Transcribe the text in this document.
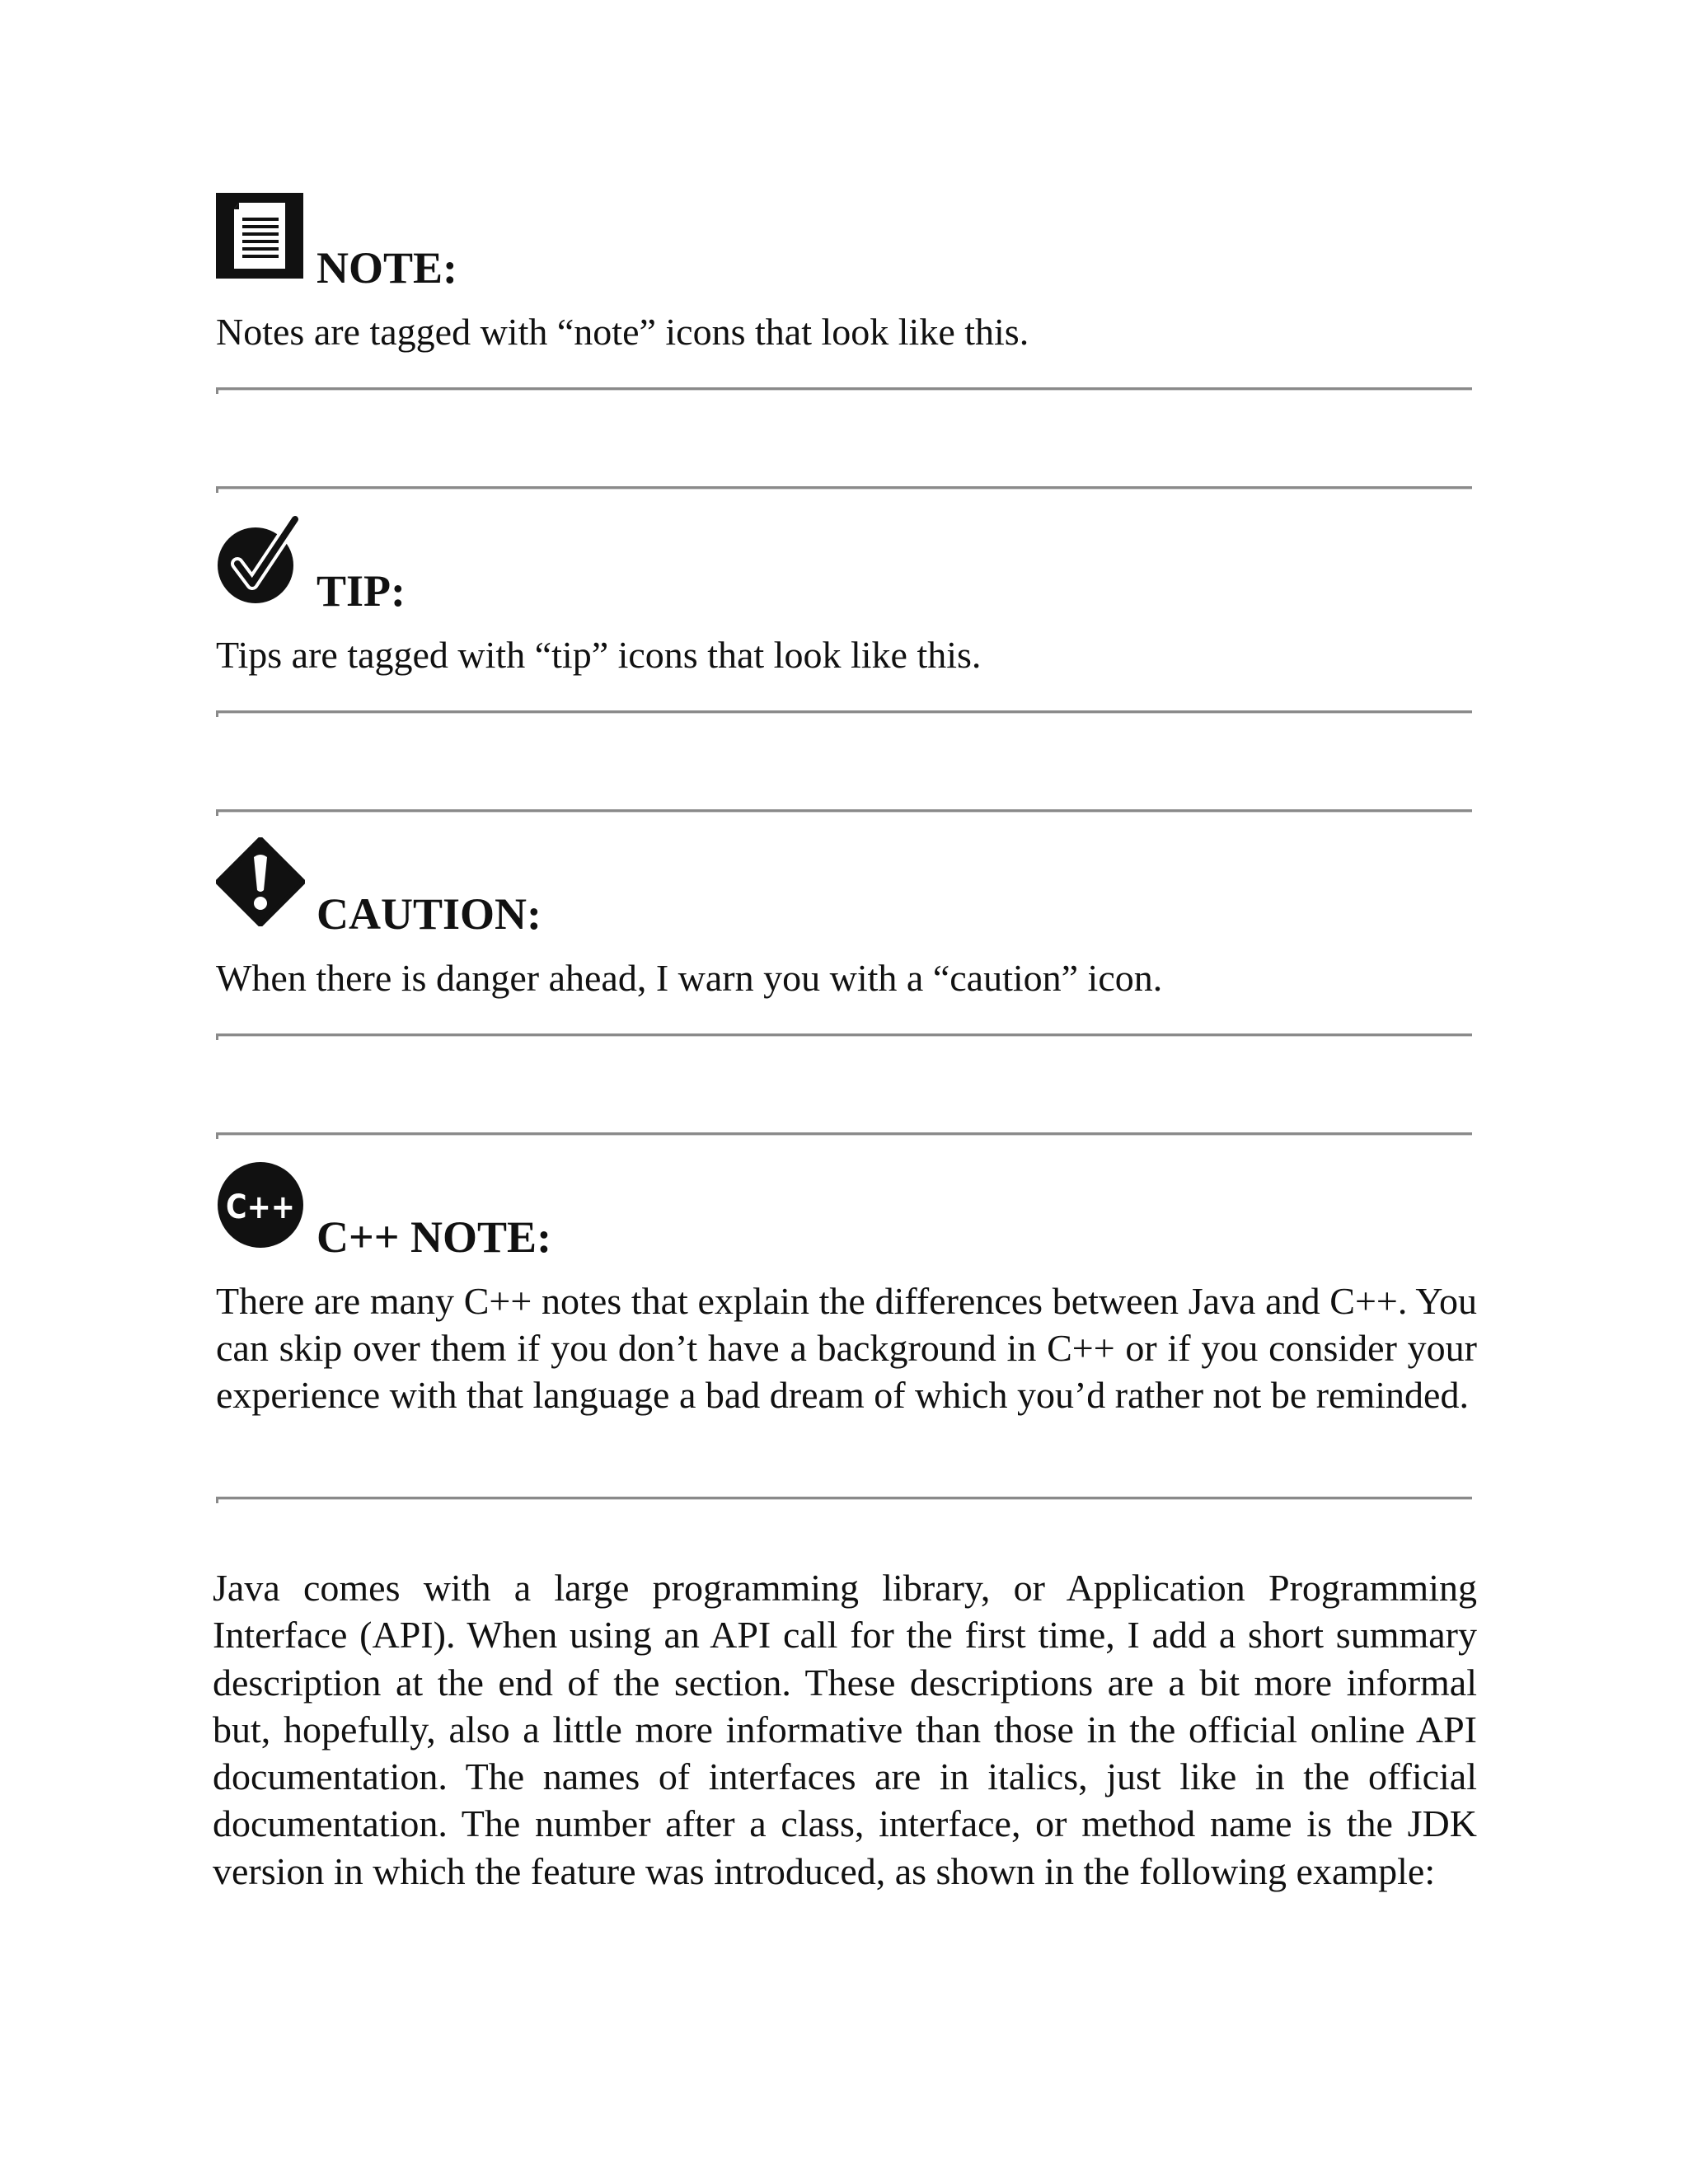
NOTE:
Notes are tagged with “note” icons that look like this.
TIP:
Tips are tagged with “tip” icons that look like this.
CAUTION:
When there is danger ahead, I warn you with a “caution” icon.
C++
C++ NOTE:
There are many C++ notes that explain the differences between Java and C++. You can skip over them if you don’t have a background in C++ or if you consider your experience with that language a bad dream of which you’d rather not be reminded.
Java comes with a large programming library, or Application Programming Interface (API). When using an API call for the first time, I add a short summary description at the end of the section. These descriptions are a bit more informal but, hopefully, also a little more informative than those in the official online API documentation. The names of interfaces are in italics, just like in the official documentation. The number after a class, interface, or method name is the JDK version in which the feature was introduced, as shown in the following example:
